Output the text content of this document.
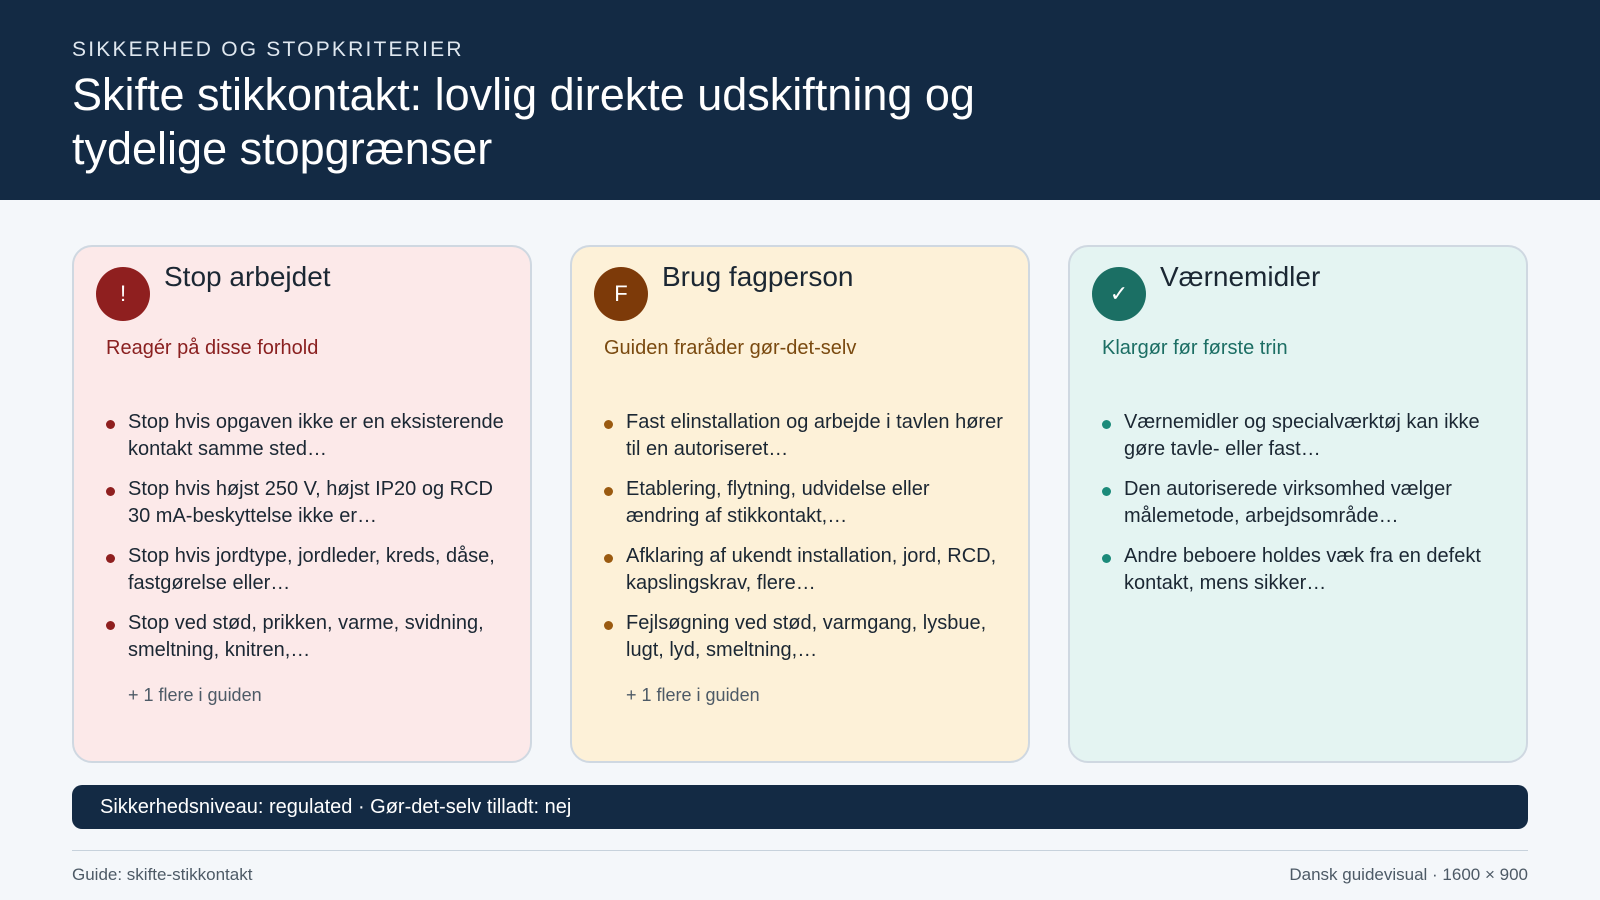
SIKKERHED OG STOPKRITERIER
Skifte stikkontakt: lovlig direkte udskiftning og tydelige stopgrænser
!
Stop arbejdet
Reagér på disse forhold
Stop hvis opgaven ikke er en eksisterende kontakt samme sted…
Stop hvis højst 250 V, højst IP20 og RCD 30 mA-beskyttelse ikke er…
Stop hvis jordtype, jordleder, kreds, dåse, fastgørelse eller…
Stop ved stød, prikken, varme, svidning, smeltning, knitren,…
+ 1 flere i guiden
F
Brug fagperson
Guiden fraråder gør-det-selv
Fast elinstallation og arbejde i tavlen hører til en autoriseret…
Etablering, flytning, udvidelse eller ændring af stikkontakt,…
Afklaring af ukendt installation, jord, RCD, kapslingskrav, flere…
Fejlsøgning ved stød, varmgang, lysbue, lugt, lyd, smeltning,…
+ 1 flere i guiden
✓
Værnemidler
Klargør før første trin
Værnemidler og specialværktøj kan ikke gøre tavle- eller fast…
Den autoriserede virksomhed vælger målemetode, arbejdsområde…
Andre beboere holdes væk fra en defekt kontakt, mens sikker…
Sikkerhedsniveau: regulated · Gør-det-selv tilladt: nej
Guide: skifte-stikkontakt	Dansk guidevisual · 1600 × 900
